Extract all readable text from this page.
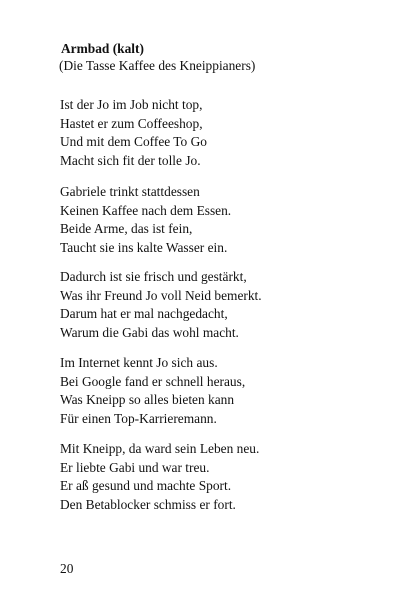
Armbad (kalt)
(Die Tasse Kaffee des Kneippianers)
Ist der Jo im Job nicht top,
Hastet er zum Coffeeshop,
Und mit dem Coffee To Go
Macht sich fit der tolle Jo.
Gabriele trinkt stattdessen
Keinen Kaffee nach dem Essen.
Beide Arme, das ist fein,
Taucht sie ins kalte Wasser ein.
Dadurch ist sie frisch und gestärkt,
Was ihr Freund Jo voll Neid bemerkt.
Darum hat er mal nachgedacht,
Warum die Gabi das wohl macht.
Im Internet kennt Jo sich aus.
Bei Google fand er schnell heraus,
Was Kneipp so alles bieten kann
Für einen Top-Karrieremann.
Mit Kneipp, da ward sein Leben neu.
Er liebte Gabi und war treu.
Er aß gesund und machte Sport.
Den Betablocker schmiss er fort.
20
